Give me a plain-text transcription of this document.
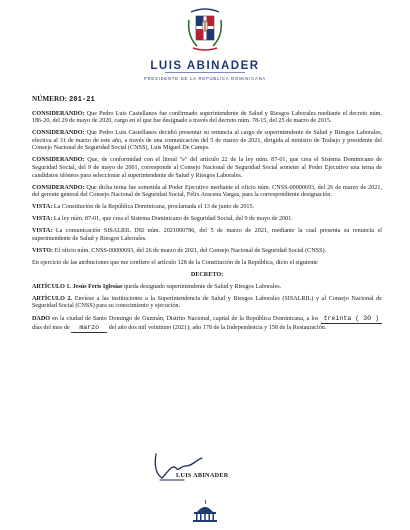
LUIS ABINADER
PRESIDENTE DE LA REPÚBLICA DOMINICANA

NÚMERO: 201-21

CONSIDERANDO: Que Pedro Luis Castellanos fue confirmado superintendente de Salud y Riesgos Laborales mediante el decreto núm. 186-20, del 29 de mayo de 2020, cargo en el que fue designado a través del decreto núm. 78-15, del 25 de marzo de 2015.

CONSIDERANDO: Que Pedro Luis Castellanos decidió presentar su renuncia al cargo de superintendente de Salud y Riesgos Laborales, efectiva al 31 de marzo de este año, a través de una comunicación del 5 de marzo de 2021, dirigida al ministro de Trabajo y presidente del Consejo Nacional de Seguridad Social (CNSS), Luis Miguel De Camps.

CONSIDERANDO: Que, de conformidad con el literal "e" del artículo 22 de la ley núm. 87-01, que crea el Sistema Dominicano de Seguridad Social, del 9 de mayo de 2001, corresponde al Consejo Nacional de Seguridad Social someter al Poder Ejecutivo una terna de candidatos idóneos para seleccionar al superintendente de Salud y Riesgos Laborales.

CONSIDERANDO: Que dicha terna fue sometida al Poder Ejecutivo mediante el oficio núm. CNSS-00000693, del 26 de marzo de 2021, del gerente general del Consejo Nacional de Seguridad Social, Félix Aracena Vargas, para la correspondiente designación.

VISTA: La Constitución de la República Dominicana, proclamada el 13 de junio de 2015.

VISTA: La ley núm. 87-01, que crea el Sistema Dominicano de Seguridad Social, del 9 de mayo de 2001.

VISTA: La comunicación SISALRIL DSI núm. 2021000786, del 5 de marzo de 2021, mediante la cual presenta su renuncia el superintendente de Salud y Riesgos Laborales.

VISTO: El oficio núm. CNSS-00000693, del 26 de marzo de 2021, del Consejo Nacional de Seguridad Social (CNSS).

En ejercicio de las atribuciones que me confiere el artículo 128 de la Constitución de la República, dicto el siguiente

DECRETO:

ARTÍCULO 1. Jesús Feris Iglesias queda designado superintendente de Salud y Riesgos Laborales.

ARTÍCULO 2. Envíese a las instituciones a la Superintendencia de Salud y Riesgos Laborales (SISALRIL) y al Consejo Nacional de Seguridad Social (CNSS) para su conocimiento y ejecución.

DADO en la ciudad de Santo Domingo de Guzmán, Distrito Nacional, capital de la República Dominicana, a los treinta ( 30 ) días del mes de marzo del año dos mil veintiuno (2021); año 178 de la Independencia y 158 de la Restauración.

LUIS ABINADER
